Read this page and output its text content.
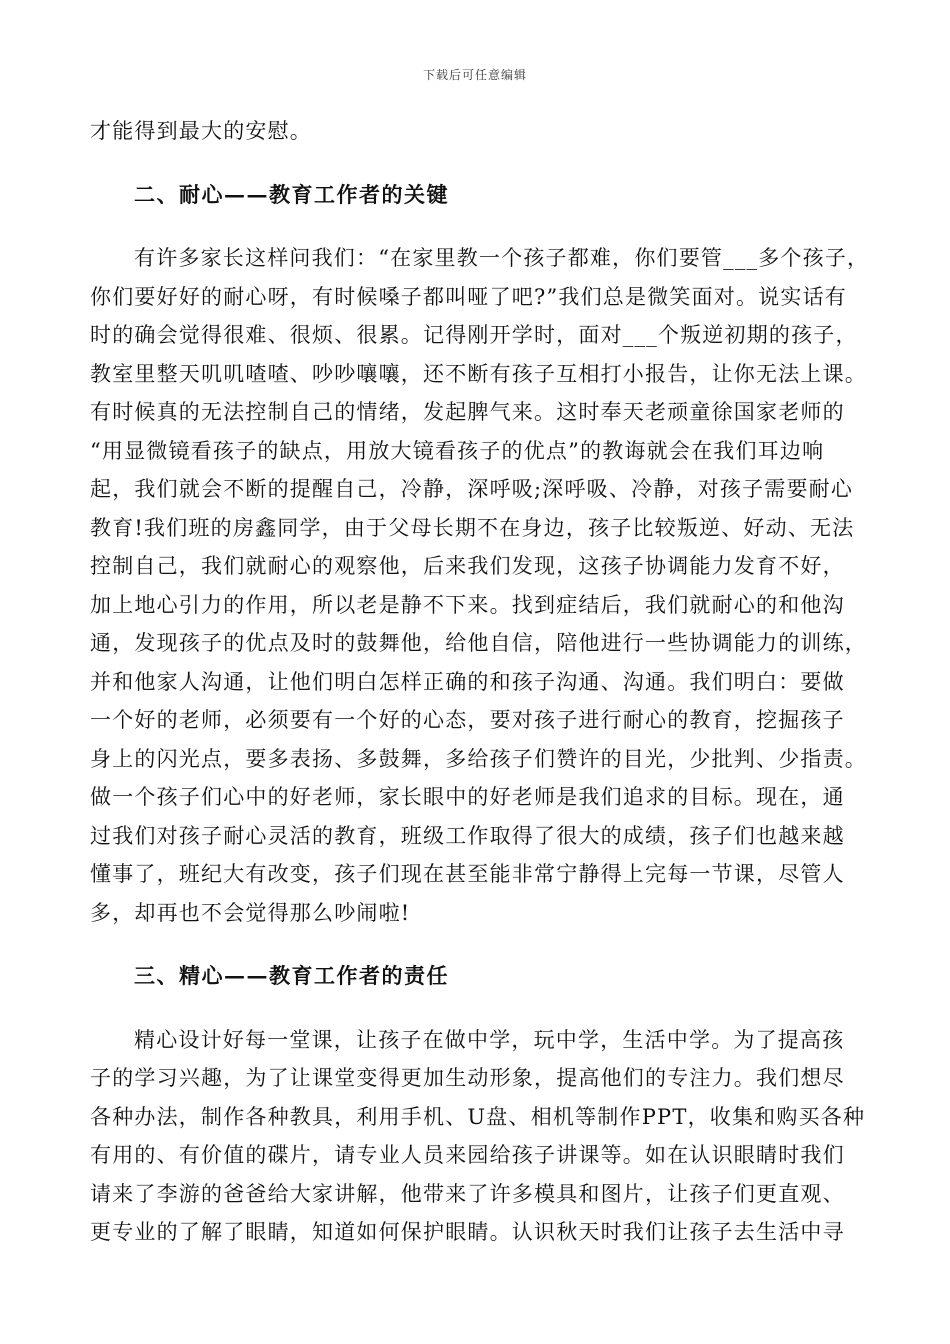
下载后可任意编辑
才能得到最大的安慰。
二、耐心——教育工作者的关键
有许多家长这样问我们：“在家里教一个孩子都难，你们要管___多个孩子，
你们要好好的耐心呀，有时候嗓子都叫哑了吧?”我们总是微笑面对。说实话有
时的确会觉得很难、很烦、很累。记得刚开学时，面对___个叛逆初期的孩子，
教室里整天叽叽喳喳、吵吵嚷嚷，还不断有孩子互相打小报告，让你无法上课。
有时候真的无法控制自己的情绪，发起脾气来。这时奉天老顽童徐国家老师的
“用显微镜看孩子的缺点，用放大镜看孩子的优点”的教诲就会在我们耳边响
起，我们就会不断的提醒自己，冷静，深呼吸;深呼吸、冷静，对孩子需要耐心
教育!我们班的房鑫同学，由于父母长期不在身边，孩子比较叛逆、好动、无法
控制自己，我们就耐心的观察他，后来我们发现，这孩子协调能力发育不好，
加上地心引力的作用，所以老是静不下来。找到症结后，我们就耐心的和他沟
通，发现孩子的优点及时的鼓舞他，给他自信，陪他进行一些协调能力的训练，
并和他家人沟通，让他们明白怎样正确的和孩子沟通、沟通。我们明白：要做
一个好的老师，必须要有一个好的心态，要对孩子进行耐心的教育，挖掘孩子
身上的闪光点，要多表扬、多鼓舞，多给孩子们赞许的目光，少批判、少指责。
做一个孩子们心中的好老师，家长眼中的好老师是我们追求的目标。现在，通
过我们对孩子耐心灵活的教育，班级工作取得了很大的成绩，孩子们也越来越
懂事了，班纪大有改变，孩子们现在甚至能非常宁静得上完每一节课，尽管人
多，却再也不会觉得那么吵闹啦!
三、精心——教育工作者的责任
精心设计好每一堂课，让孩子在做中学，玩中学，生活中学。为了提高孩
子的学习兴趣，为了让课堂变得更加生动形象，提高他们的专注力。我们想尽
各种办法，制作各种教具，利用手机、U盘、相机等制作PPT，收集和购买各种
有用的、有价值的碟片，请专业人员来园给孩子讲课等。如在认识眼睛时我们
请来了李游的爸爸给大家讲解，他带来了许多模具和图片，让孩子们更直观、
更专业的了解了眼睛，知道如何保护眼睛。认识秋天时我们让孩子去生活中寻
